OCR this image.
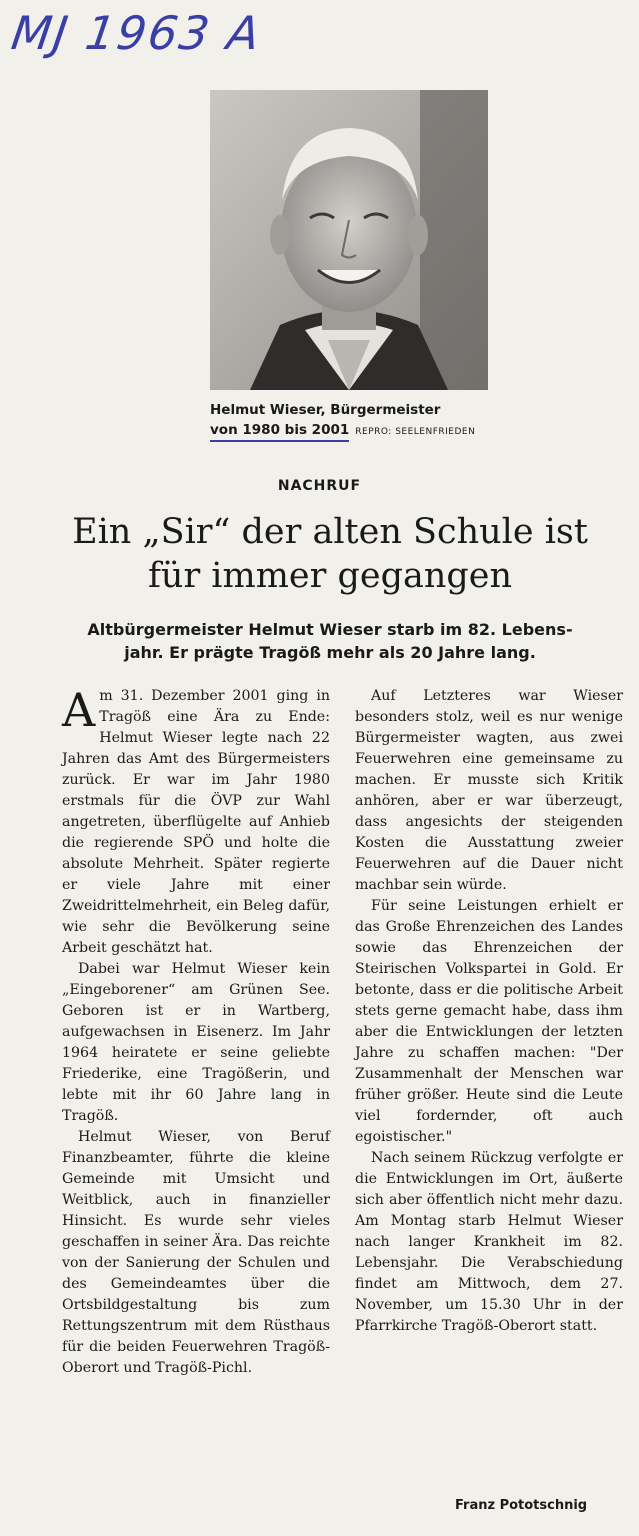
MJ 1963 A
Helmut Wieser, Bürgermeister
von 1980 bis 2001 REPRO: SEELENFRIEDEN
NACHRUF
Ein „Sir“ der alten Schule ist
für immer gegangen
Altbürgermeister Helmut Wieser starb im 82. Lebens-
jahr. Er prägte Tragöß mehr als 20 Jahre lang.

Am 31. Dezember 2001 ging in Tragöß eine Ära zu Ende: Helmut Wieser legte nach 22 Jahren das Amt des Bürgermeisters zurück. Er war im Jahr 1980 erstmals für die ÖVP zur Wahl angetreten, überflügelte auf Anhieb die regierende SPÖ und holte die absolute Mehrheit. Später regierte er viele Jahre mit einer Zweidrittelmehrheit, ein Beleg dafür, wie sehr die Bevölkerung seine Arbeit geschätzt hat.

Dabei war Helmut Wieser kein „Eingeborener“ am Grünen See. Geboren ist er in Wartberg, aufgewachsen in Eisenerz. Im Jahr 1964 heiratete er seine geliebte Friederike, eine Tragößerin, und lebte mit ihr 60 Jahre lang in Tragöß.

Helmut Wieser, von Beruf Finanzbeamter, führte die kleine Gemeinde mit Umsicht und Weitblick, auch in finanzieller Hinsicht. Es wurde sehr vieles geschaffen in seiner Ära. Das reichte von der Sanierung der Schulen und des Gemeindeamtes über die Ortsbildgestaltung bis zum Rettungszentrum mit dem Rüsthaus für die beiden Feuerwehren Tragöß-Oberort und Tragöß-Pichl.

Auf Letzteres war Wieser besonders stolz, weil es nur wenige Bürgermeister wagten, aus zwei Feuerwehren eine gemeinsame zu machen. Er musste sich Kritik anhören, aber er war überzeugt, dass angesichts der steigenden Kosten die Ausstattung zweier Feuerwehren auf die Dauer nicht machbar sein würde.

Für seine Leistungen erhielt er das Große Ehrenzeichen des Landes sowie das Ehrenzeichen der Steirischen Volkspartei in Gold. Er betonte, dass er die politische Arbeit stets gerne gemacht habe, dass ihm aber die Entwicklungen der letzten Jahre zu schaffen machen: "Der Zusammenhalt der Menschen war früher größer. Heute sind die Leute viel fordernder, oft auch egoistischer."

Nach seinem Rückzug verfolgte er die Entwicklungen im Ort, äußerte sich aber öffentlich nicht mehr dazu. Am Montag starb Helmut Wieser nach langer Krankheit im 82. Lebensjahr. Die Verabschiedung findet am Mittwoch, dem 27. November, um 15.30 Uhr in der Pfarrkirche Tragöß-Oberort statt.

Franz Pototschnig
